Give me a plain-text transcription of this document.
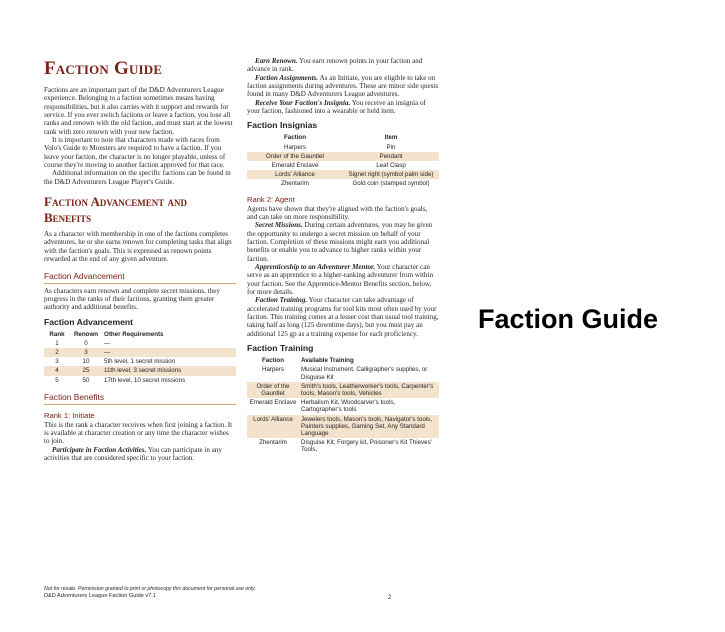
Faction Guide

Factions are an important part of the D&D Adventurers League experience. Belonging to a faction sometimes means having responsibilities, but it also carries with it support and rewards for service. If you ever switch factions or leave a faction, you lose all ranks and renown with the old faction, and must start at the lowest rank with zero renown with your new faction.

It is important to note that characters made with races from Volo's Guide to Monsters are required to have a faction. If you leave your faction, the character is no longer playable, unless of course they're moving to another faction approved for that race.

Additional information on the specific factions can be found in the D&D Adventurers League Player's Guide.

Faction Advancement and Benefits

As a character with membership in one of the factions completes adventures, he or she earns renown for completing tasks that align with the faction's goals. This is expressed as renown points rewarded at the end of any given adventure.

Faction Advancement

As characters earn renown and complete secret missions, they progress in the ranks of their factions, granting them greater authority and additional benefits.

Faction Advancement
Rank	Renown	Other Requirements
1	0	—
2	3	—
3	10	5th level, 1 secret mission
4	25	11th level, 3 secret missions
5	50	17th level, 10 secret missions
Faction Benefits
Rank 1: Initiate

This is the rank a character receives when first joining a faction. It is available at character creation or any time the character wishes to join.

Participate in Faction Activities. You can participate in any activities that are considered specific to your faction.

Earn Renown. You earn renown points in your faction and advance in rank.

Faction Assignments. As an Initiate, you are eligible to take on faction assignments during adventures. These are minor side quests found in many D&D Adventurers League adventures.

Receive Your Faction's Insignia. You receive an insignia of your faction, fashioned into a wearable or held item.

Faction Insignias
Faction	Item
Harpers	Pin
Order of the Gauntlet	Pendant
Emerald Enclave	Leaf Clasp
Lords' Alliance	Signet right (symbol palm side)
Zhentarim	Gold coin (stamped symbol)
Rank 2: Agent

Agents have shown that they're aligned with the faction's goals, and can take on more responsibility.

Secret Missions. During certain adventures, you may be given the opportunity to undergo a secret mission on behalf of your faction. Completion of these missions might earn you additional benefits or enable you to advance to higher ranks within your faction.

Apprenticeship to an Adventurer Mentor. Your character can serve as an apprentice to a higher-ranking adventurer from within your faction. See the Apprentice-Mentor Benefits section, below, for more details.

Faction Training. Your character can take advantage of accelerated training programs for tool kits most often used by your faction. This training comes at a lesser cost than usual tool training, taking half as long (125 downtime days), but you must pay an additional 125 gp as a training expense for each proficiency.

Faction Training
Faction	Available Training
Harpers	Musical Instrument, Calligrapher's supplies, or Disguise Kit
Order of the Gauntlet	Smith's tools, Leatherworker's tools, Carpenter's tools, Mason's tools, Vehicles
Emerald Enclave	Herbalism Kit, Woodcarver's tools, Cartographer's tools
Lords' Alliance	Jewelers tools, Mason's tools, Navigator's tools, Painters supplies, Gaming Set, Any Standard Language
Zhentarim	Disguise Kit, Forgery kit, Poisoner's Kit Thieves' Tools,
Not for resale. Permission granted to print or photocopy this document for personal use only.
D&D Adventurers League Faction Guide v7.1	2
Faction Guide
